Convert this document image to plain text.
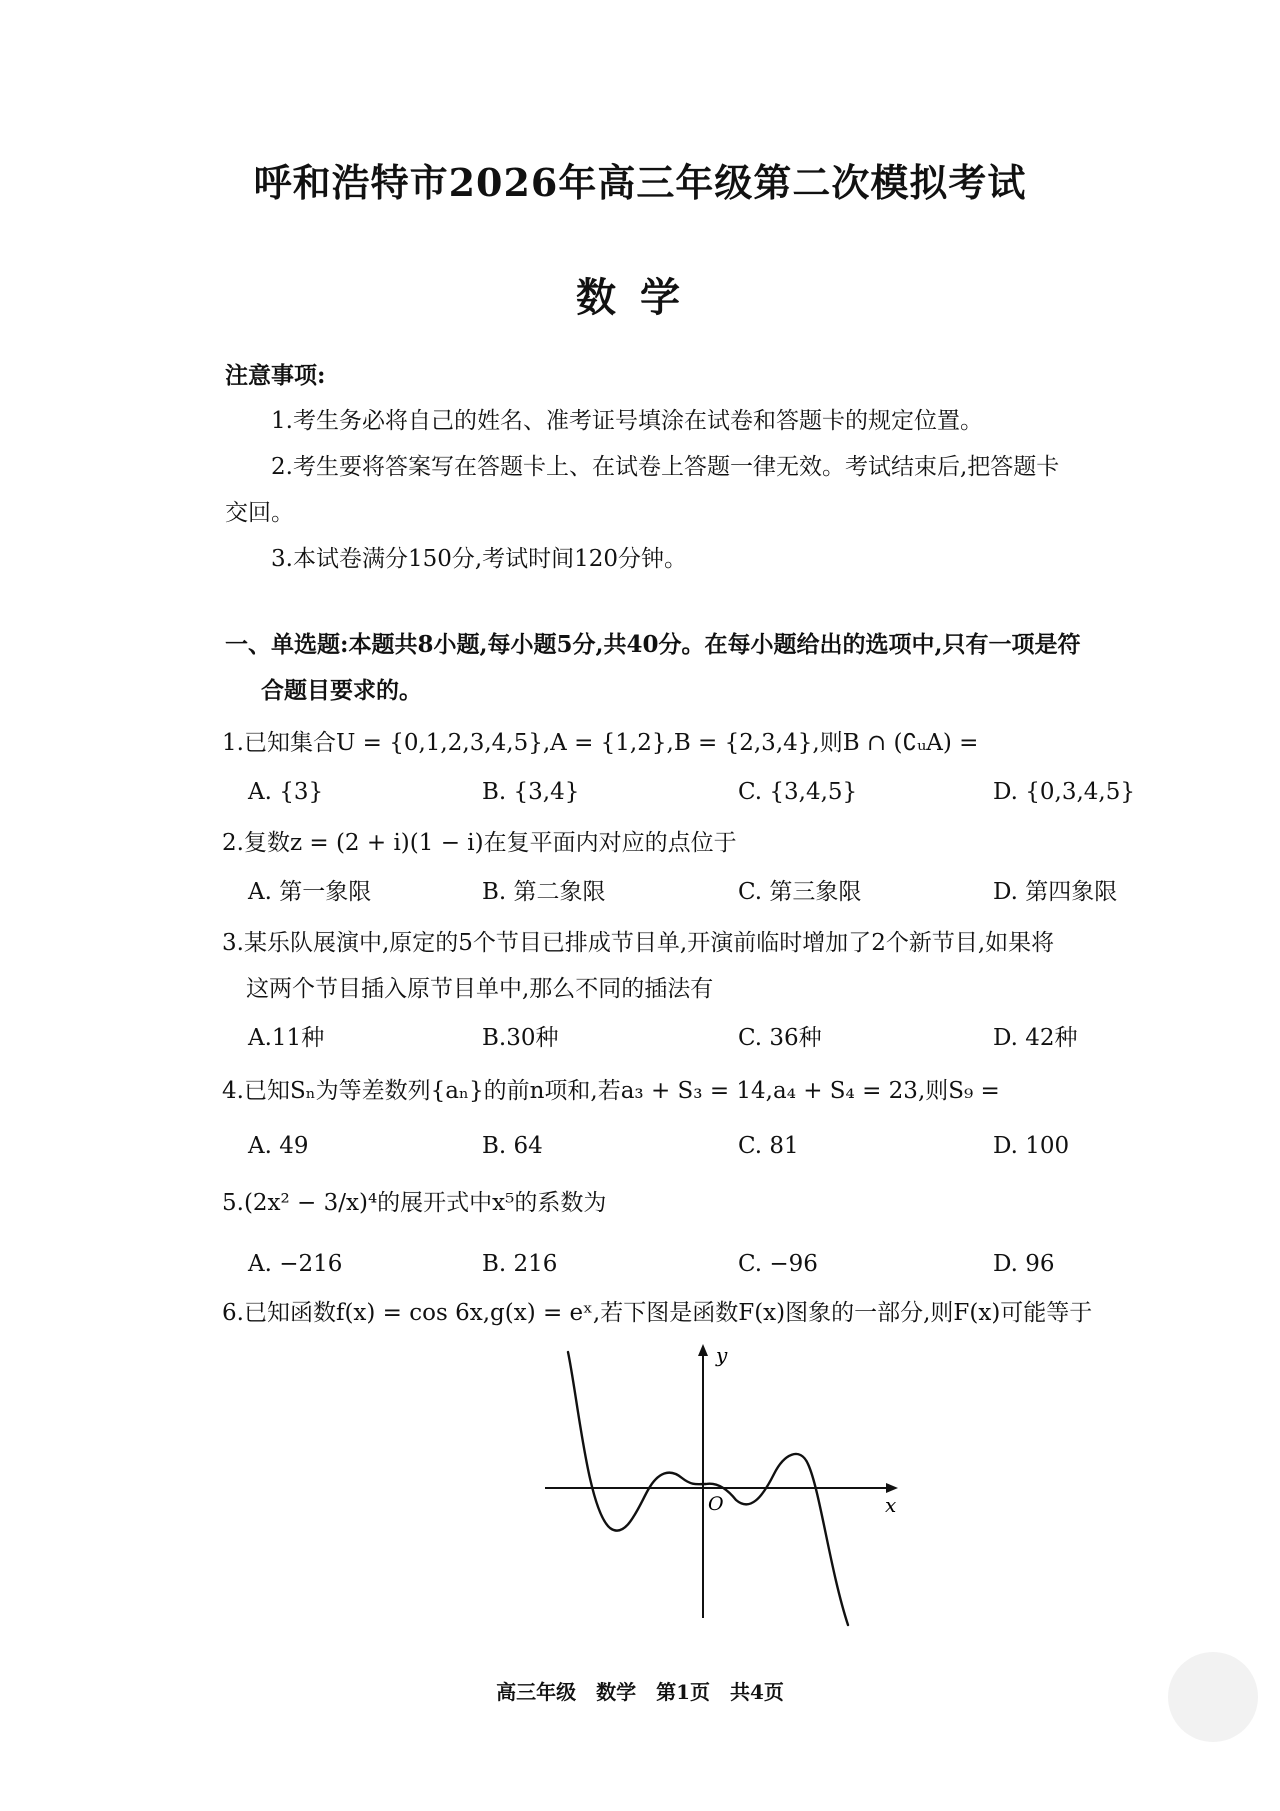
呼和浩特市2026年高三年级第二次模拟考试
数学
注意事项:
1.考生务必将自己的姓名、准考证号填涂在试卷和答题卡的规定位置。
2.考生要将答案写在答题卡上、在试卷上答题一律无效。考试结束后,把答题卡
交回。
3.本试卷满分150分,考试时间120分钟。
一、单选题:本题共8小题,每小题5分,共40分。在每小题给出的选项中,只有一项是符
合题目要求的。
1.已知集合U = {0,1,2,3,4,5},A = {1,2},B = {2,3,4},则B ∩ (∁ᵤA) =
A. {3}	B. {3,4}	C. {3,4,5}	D. {0,3,4,5}
2.复数z = (2 + i)(1 − i)在复平面内对应的点位于
A. 第一象限	B. 第二象限	C. 第三象限	D. 第四象限
3.某乐队展演中,原定的5个节目已排成节目单,开演前临时增加了2个新节目,如果将
这两个节目插入原节目单中,那么不同的插法有
A.11种	B.30种	C. 36种	D. 42种
4.已知Sₙ为等差数列{aₙ}的前n项和,若a₃ + S₃ = 14,a₄ + S₄ = 23,则S₉ =
A. 49	B. 64	C. 81	D. 100
5.(2x² − 3/x)⁴的展开式中x⁵的系数为
A. −216	B. 216	C. −96	D. 96
6.已知函数f(x) = cos 6x,g(x) = eˣ,若下图是函数F(x)图象的一部分,则F(x)可能等于
y
x
O
高三年级　数学　第1页　共4页
